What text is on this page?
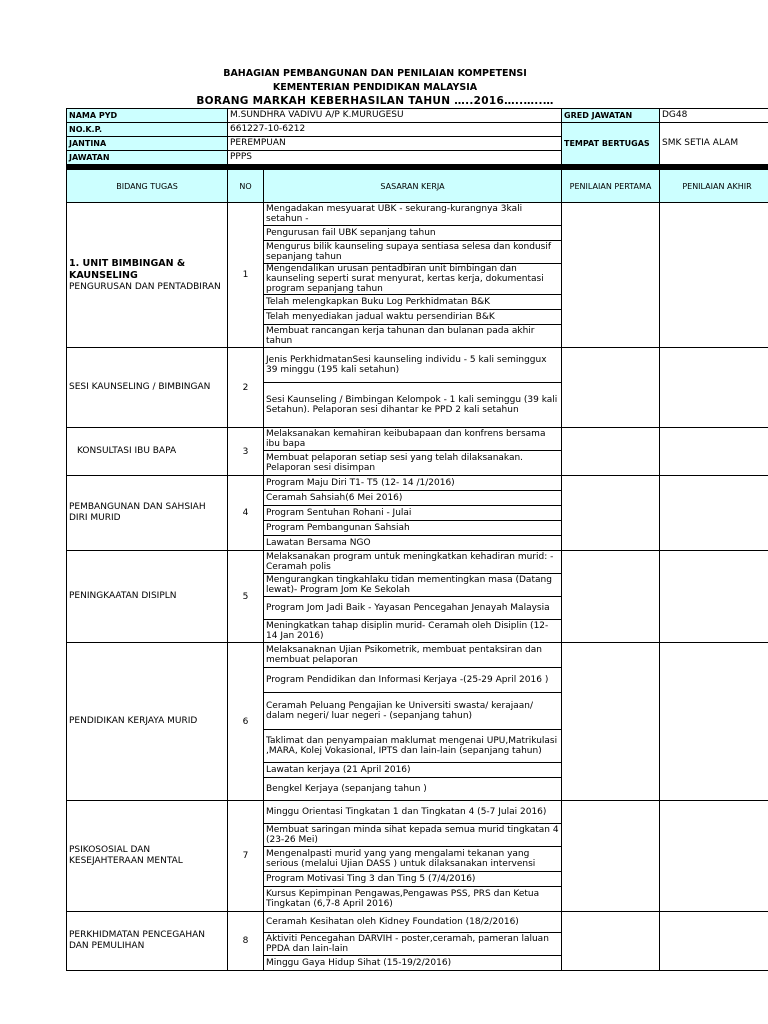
BAHAGIAN PEMBANGUNAN DAN PENILAIAN KOMPETENSI
KEMENTERIAN PENDIDIKAN MALAYSIA
BORANG MARKAH KEBERHASILAN TAHUN …..2016…..…..…
NAMA PYD	M.SUNDHRA VADIVU A/P K.MURUGESU	GRED JAWATAN	DG48
NO.K.P.	661227-10-6212	TEMPAT BERTUGAS	SMK SETIA ALAM
JANTINA	PEREMPUAN		
JAWATAN	PPPS		
BIDANG TUGAS	NO	SASARAN KERJA	PENILAIAN PERTAMA	PENILAIAN AKHIR
1. UNIT BIMBINGAN & KAUNSELING
PENGURUSAN DAN PENTADBIRAN	1	Mengadakan mesyuarat UBK - sekurang-kurangnya 3kali setahun -		
		Pengurusan fail UBK sepanjang tahun		
		Mengurus bilik kaunseling supaya sentiasa selesa dan kondusif sepanjang tahun		
		Mengendalikan urusan pentadbiran unit bimbingan dan kaunseling seperti surat menyurat, kertas kerja, dokumentasi program sepanjang tahun		
		Telah melengkapkan Buku Log Perkhidmatan B&K		
		Telah menyediakan jadual waktu persendirian B&K		
		Membuat rancangan kerja tahunan dan bulanan pada akhir tahun		
SESI KAUNSELING / BIMBINGAN	2	Jenis PerkhidmatanSesi kaunseling individu - 5 kali seminggux 39 minggu (195 kali setahun)		
		Sesi Kaunseling / Bimbingan Kelompok - 1 kali seminggu (39 kali Setahun). Pelaporan sesi dihantar ke PPD 2 kali setahun		
KONSULTASI IBU BAPA	3	Melaksanakan kemahiran keibubapaan dan konfrens bersama ibu bapa		
		Membuat pelaporan setiap sesi yang telah dilaksanakan. Pelaporan sesi disimpan		
PEMBANGUNAN DAN SAHSIAH DIRI MURID	4	Program Maju Diri T1- T5 (12- 14 /1/2016)		
		Ceramah Sahsiah(6 Mei 2016)		
		Program Sentuhan Rohani - Julai		
		Program Pembangunan Sahsiah		
		Lawatan Bersama NGO		
PENINGKAATAN DISIPLN	5	Melaksanakan program untuk meningkatkan kehadiran murid: - Ceramah polis		
		Mengurangkan tingkahlaku tidan mementingkan masa (Datang lewat)- Program Jom Ke Sekolah		
		Program Jom Jadi Baik - Yayasan Pencegahan Jenayah Malaysia		
		Meningkatkan tahap disiplin murid- Ceramah oleh Disiplin (12-14 Jan 2016)		
PENDIDIKAN KERJAYA MURID	6	Melaksanaknan Ujian Psikometrik, membuat pentaksiran dan membuat pelaporan		
		Program Pendidikan dan Informasi Kerjaya -(25-29 April 2016 )		
		Ceramah Peluang Pengajian ke Universiti swasta/ kerajaan/ dalam negeri/ luar negeri - (sepanjang tahun)		
		Taklimat dan penyampaian maklumat mengenai UPU,Matrikulasi ,MARA, Kolej Vokasional, IPTS dan lain-lain (sepanjang tahun)		
		Lawatan kerjaya (21 April 2016)		
		Bengkel Kerjaya (sepanjang tahun )		
PSIKOSOSIAL DAN KESEJAHTERAAN MENTAL	7	Minggu Orientasi Tingkatan 1 dan Tingkatan 4 (5-7 Julai 2016)		
		Membuat saringan minda sihat kepada semua murid tingkatan 4 (23-26 Mei)		
		Mengenalpasti murid yang yang mengalami tekanan yang serious (melalui Ujian DASS ) untuk dilaksanakan intervensi		
		Program Motivasi Ting 3 dan Ting 5 (7/4/2016)		
		Kursus Kepimpinan Pengawas,Pengawas PSS, PRS dan Ketua Tingkatan (6,7-8 April 2016)		
PERKHIDMATAN PENCEGAHAN DAN PEMULIHAN	8	Ceramah Kesihatan oleh Kidney Foundation (18/2/2016)		
		Aktiviti Pencegahan DARVIH - poster,ceramah, pameran laluan PPDA dan lain-lain		
		Minggu Gaya Hidup Sihat (15-19/2/2016)		
